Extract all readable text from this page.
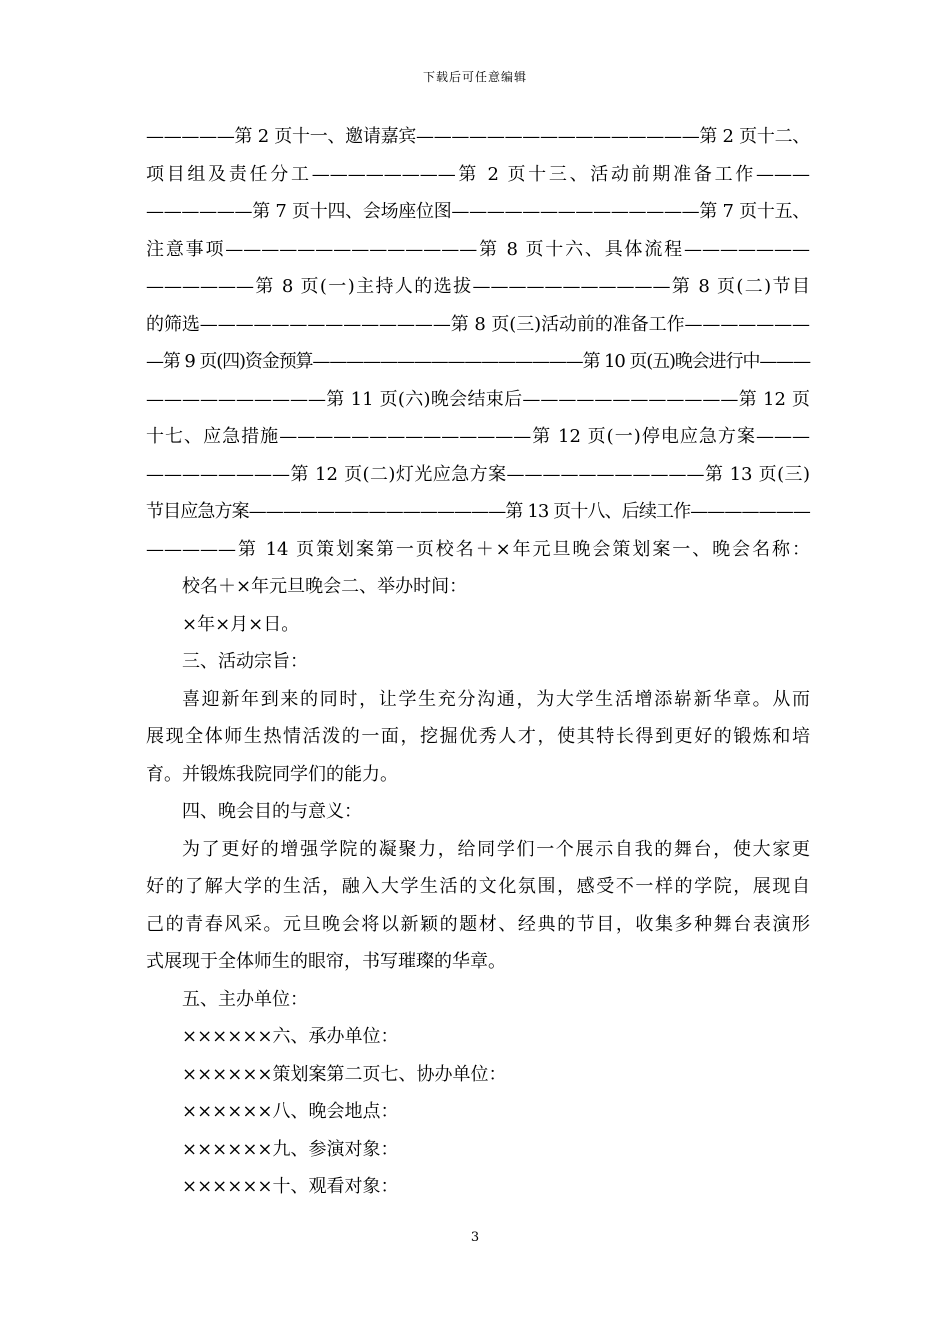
下载后可任意编辑
—————第 2 页十一、邀请嘉宾————————————————第 2 页十二、
项目组及责任分工————————第 2 页十三、活动前期准备工作———
——————第 7 页十四、会场座位图——————————————第 7 页十五、
注意事项——————————————第 8 页十六、具体流程———————
——————第 8 页(一)主持人的选拔———————————第 8 页(二)节目
的筛选——————————————第 8 页(三)活动前的准备工作———————
—第 9 页(四)资金预算————————————————第 10 页(五)晚会进行中———
——————————第 11 页(六)晚会结束后————————————第 12 页
十七、应急措施——————————————第 12 页(一)停电应急方案———
————————第 12 页(二)灯光应急方案———————————第 13 页(三)
节目应急方案———————————————第 13 页十八、后续工作———————
—————第 14 页策划案第一页校名＋×年元旦晚会策划案一、晚会名称：
校名＋×年元旦晚会二、举办时间：
×年×月×日。
三、活动宗旨：
喜迎新年到来的同时，让学生充分沟通，为大学生活增添崭新华章。从而
展现全体师生热情活泼的一面，挖掘优秀人才，使其特长得到更好的锻炼和培
育。并锻炼我院同学们的能力。
四、晚会目的与意义：
为了更好的增强学院的凝聚力，给同学们一个展示自我的舞台，使大家更
好的了解大学的生活，融入大学生活的文化氛围，感受不一样的学院，展现自
己的青春风采。元旦晚会将以新颖的题材、经典的节目，收集多种舞台表演形
式展现于全体师生的眼帘，书写璀璨的华章。
五、主办单位：
××××××六、承办单位：
××××××策划案第二页七、协办单位：
××××××八、晚会地点：
××××××九、参演对象：
××××××十、观看对象：
3
